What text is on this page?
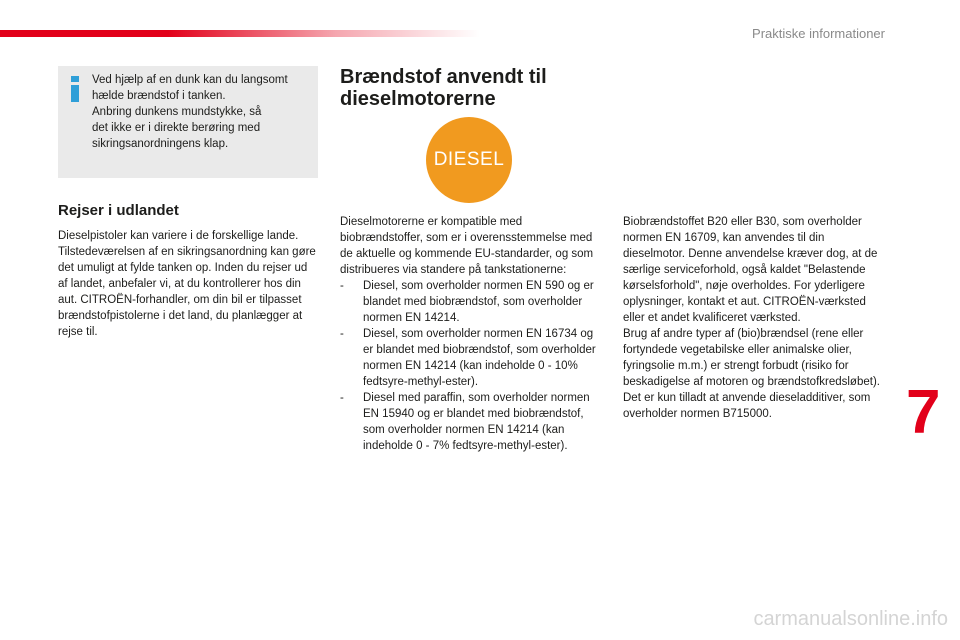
Praktiske informationer

Ved hjælp af en dunk kan du langsomt

hælde brændstof i tanken.

Anbring dunkens mundstykke, så

det ikke er i direkte berøring med

sikringsanordningens klap.

Rejser i udlandet

Dieselpistoler kan variere i de forskellige lande. Tilstedeværelsen af en sikringsanordning kan gøre det umuligt at fylde tanken op. Inden du rejser ud af landet, anbefaler vi, at du kontrollerer hos din aut. CITROËN-forhandler, om din bil er tilpasset brændstofpistolerne i det land, du planlægger at rejse til.

Brændstof anvendt til
dieselmotorerne
DIESEL

Dieselmotorerne er kompatible med biobrændstoffer, som er i overensstemmelse med de aktuelle og kommende EU-standarder, og som distribueres via standere på tankstationerne:

-	Diesel, som overholder normen EN 590 og er blandet med biobrændstof, som overholder normen EN 14214.
-	Diesel, som overholder normen EN 16734 og er blandet med biobrændstof, som overholder normen EN 14214 (kan indeholde 0 - 10% fedtsyre-methyl-ester).
-	Diesel med paraffin, som overholder normen EN 15940 og er blandet med biobrændstof, som overholder normen EN 14214 (kan indeholde 0 - 7% fedtsyre-methyl-ester).

Biobrændstoffet B20 eller B30, som overholder normen EN 16709, kan anvendes til din dieselmotor. Denne anvendelse kræver dog, at de særlige serviceforhold, også kaldet "Belastende kørselsforhold", nøje overholdes. For yderligere oplysninger, kontakt et aut. CITROËN-værksted eller et andet kvalificeret værksted.

Brug af andre typer af (bio)brændsel (rene eller fortyndede vegetabilske eller animalske olier, fyringsolie m.m.) er strengt forbudt (risiko for beskadigelse af motoren og brændstofkredsløbet).

Det er kun tilladt at anvende dieseladditiver, som overholder normen B715000.	7
carmanualsonline.info
